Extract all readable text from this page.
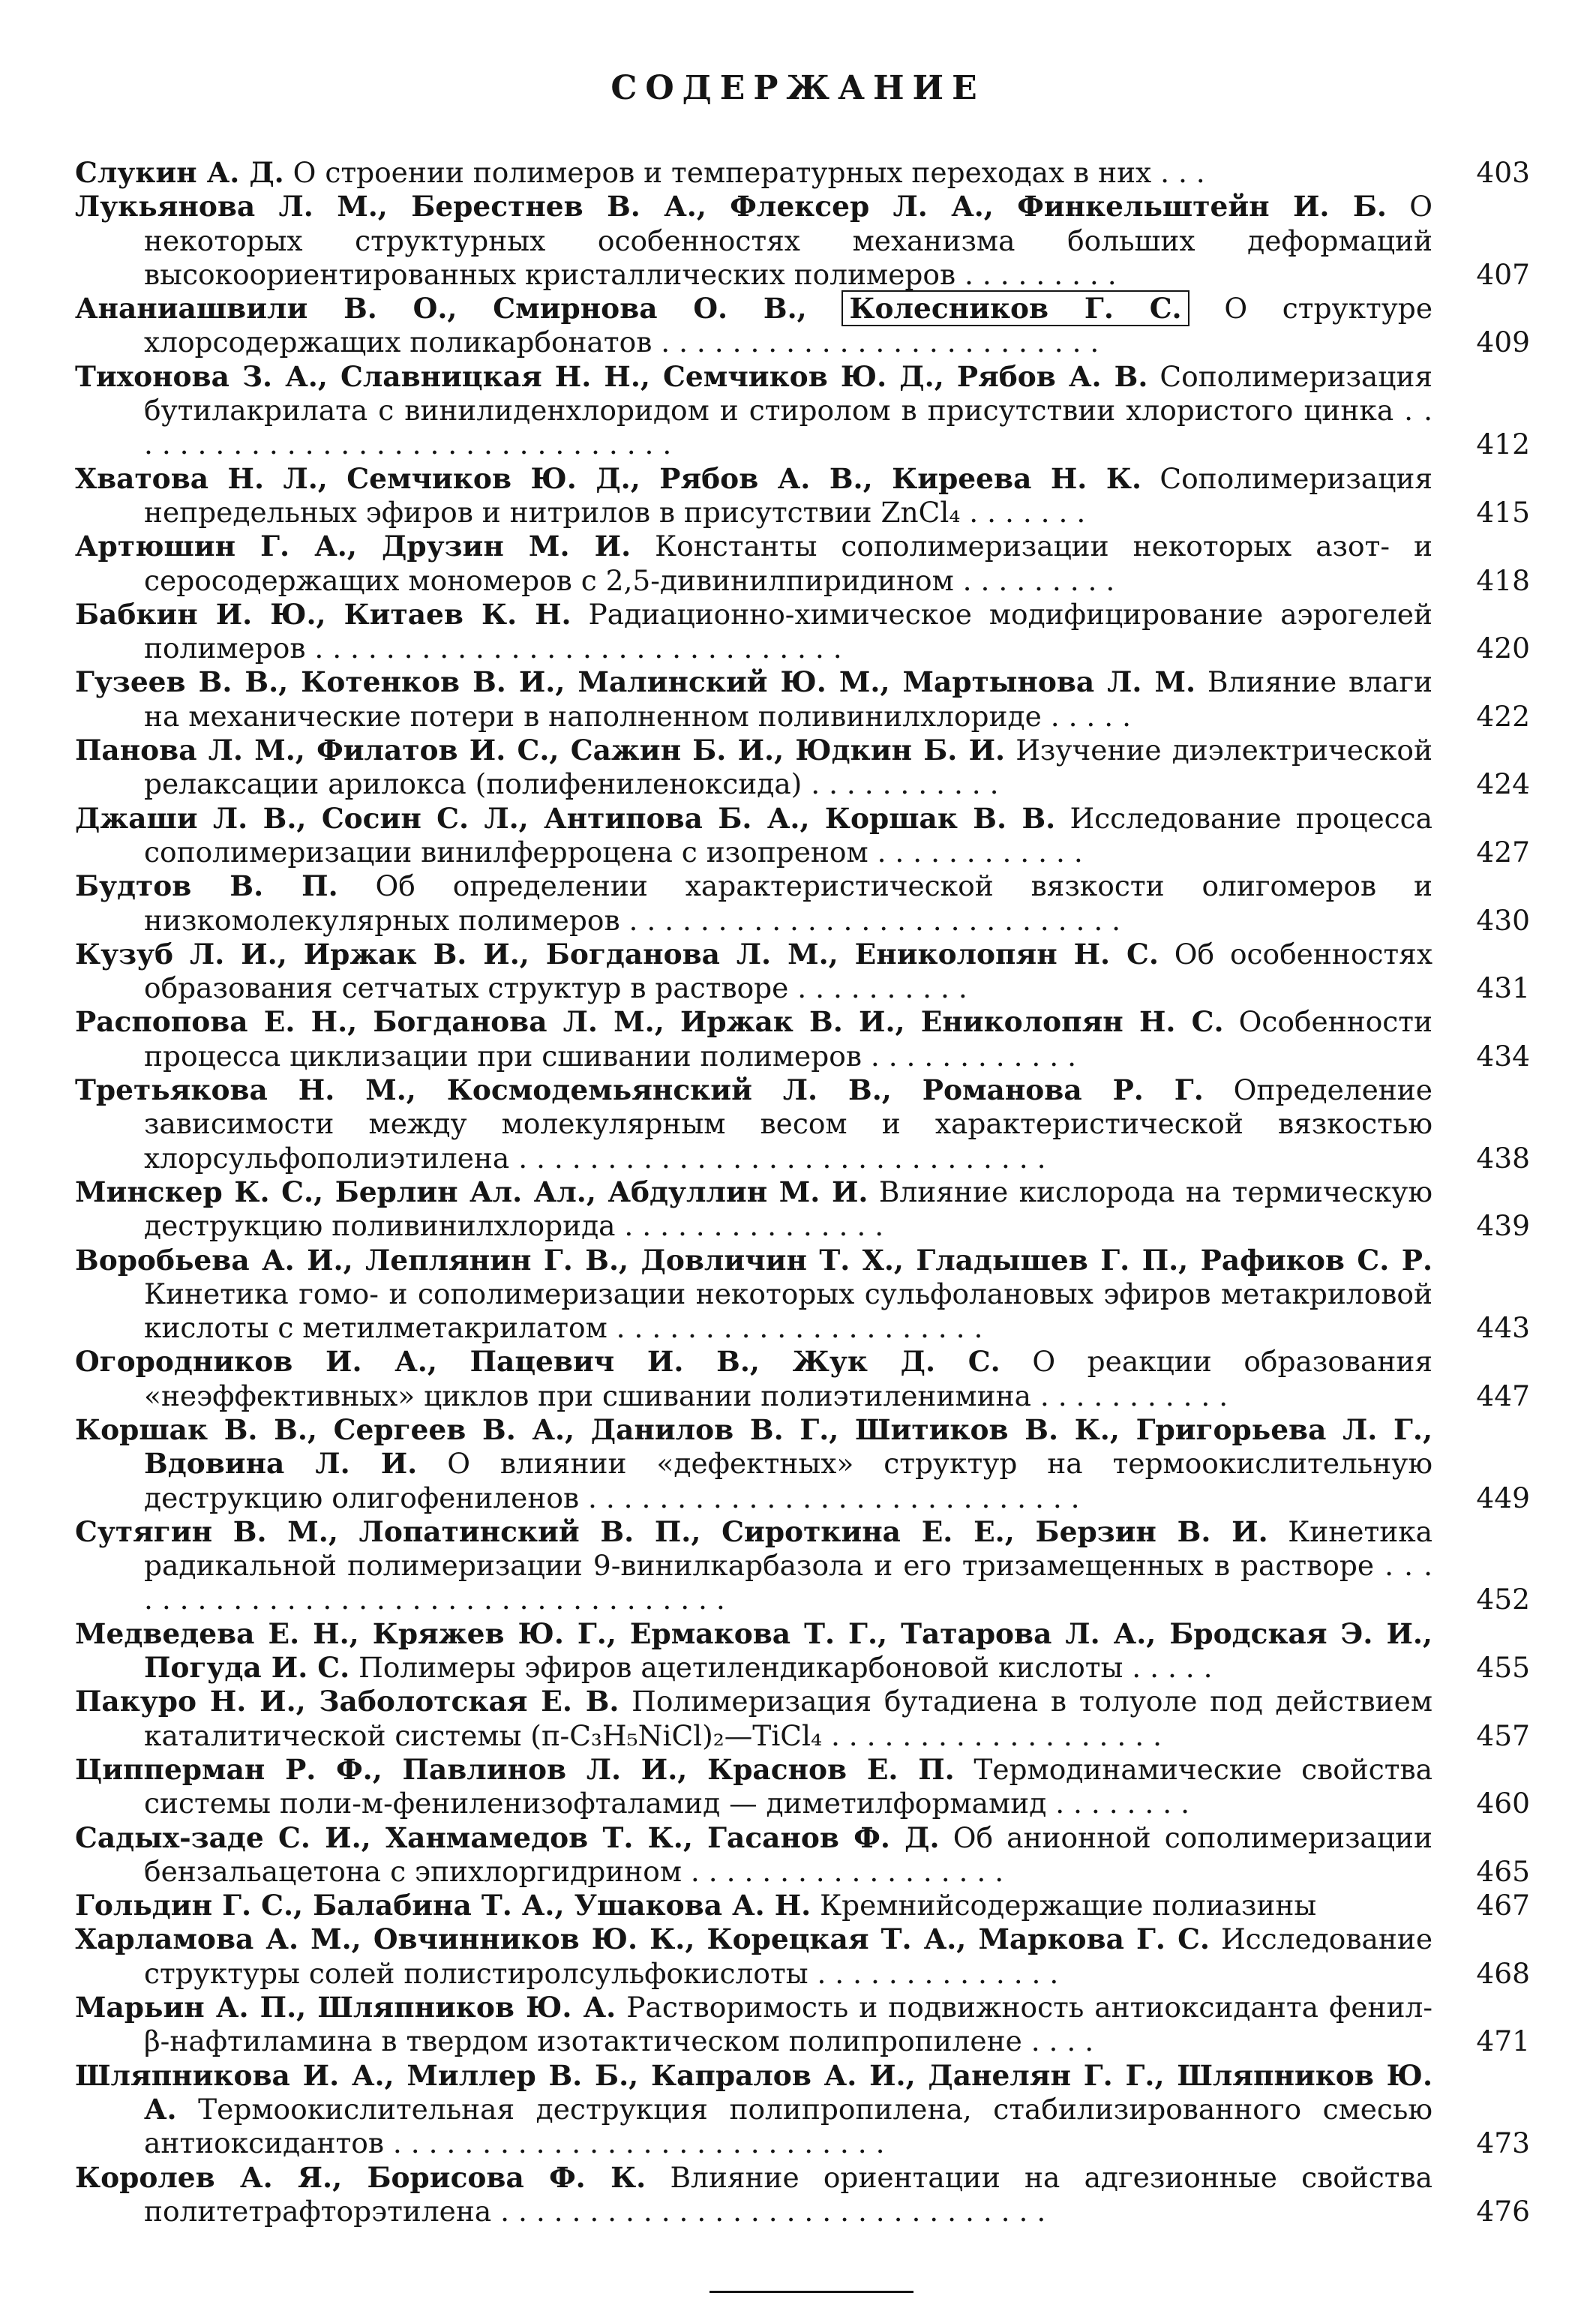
СОДЕРЖАНИЕ
Слукин А. Д. О строении полимеров и температурных переходах в них . . .	403
Лукьянова Л. М., Берестнев В. А., Флексер Л. А., Финкельштейн И. Б. О некоторых структурных особенностях механизма больших деформаций высокоориентированных кристаллических полимеров . . . . . . . . .	407
Ананиашвили В. О., Смирнова О. В., Колесников Г. С. О структуре хлорсодержащих поликарбонатов . . . . . . . . . . . . . . . . . . . . . . . . .	409
Тихонова З. А., Славницкая Н. Н., Семчиков Ю. Д., Рябов А. В. Сополимеризация бутилакрилата с винилиденхлоридом и стиролом в присутствии хлористого цинка . . . . . . . . . . . . . . . . . . . . . . . . . . . . . . . .	412
Хватова Н. Л., Семчиков Ю. Д., Рябов А. В., Киреева Н. К. Сополимеризация непредельных эфиров и нитрилов в присутствии ZnCl₄ . . . . . . .	415
Артюшин Г. А., Друзин М. И. Константы сополимеризации некоторых азот- и серосодержащих мономеров с 2,5-дивинилпиридином . . . . . . . . .	418
Бабкин И. Ю., Китаев К. Н. Радиационно-химическое модифицирование аэрогелей полимеров . . . . . . . . . . . . . . . . . . . . . . . . . . . . . .	420
Гузеев В. В., Котенков В. И., Малинский Ю. М., Мартынова Л. М. Влияние влаги на механические потери в наполненном поливинилхлориде . . . . .	422
Панова Л. М., Филатов И. С., Сажин Б. И., Юдкин Б. И. Изучение диэлектрической релаксации арилокса (полифениленоксида) . . . . . . . . . . .	424
Джаши Л. В., Сосин С. Л., Антипова Б. А., Коршак В. В. Исследование процесса сополимеризации винилферроцена с изопреном . . . . . . . . . . . .	427
Будтов В. П. Об определении характеристической вязкости олигомеров и низкомолекулярных полимеров . . . . . . . . . . . . . . . . . . . . . . . . . . . .	430
Кузуб Л. И., Иржак В. И., Богданова Л. М., Ениколопян Н. С. Об особенностях образования сетчатых структур в растворе . . . . . . . . . .	431
Распопова Е. Н., Богданова Л. М., Иржак В. И., Ениколопян Н. С. Особенности процесса циклизации при сшивании полимеров . . . . . . . . . . . .	434
Третьякова Н. М., Космодемьянский Л. В., Романова Р. Г. Определение зависимости между молекулярным весом и характеристической вязкостью хлорсульфополиэтилена . . . . . . . . . . . . . . . . . . . . . . . . . . . . . .	438
Минскер К. С., Берлин Ал. Ал., Абдуллин М. И. Влияние кислорода на термическую деструкцию поливинилхлорида . . . . . . . . . . . . . . .	439
Воробьева А. И., Леплянин Г. В., Довличин Т. Х., Гладышев Г. П., Рафиков С. Р. Кинетика гомо- и сополимеризации некоторых сульфолановых эфиров метакриловой кислоты с метилметакрилатом . . . . . . . . . . . . . . . . . . . . .	443
Огородников И. А., Пацевич И. В., Жук Д. С. О реакции образования «неэффективных» циклов при сшивании полиэтиленимина . . . . . . . . . . .	447
Коршак В. В., Сергеев В. А., Данилов В. Г., Шитиков В. К., Григорьева Л. Г., Вдовина Л. И. О влиянии «дефектных» структур на термоокислительную деструкцию олигофениленов . . . . . . . . . . . . . . . . . . . . . . . . . . . .	449
Сутягин В. М., Лопатинский В. П., Сироткина Е. Е., Берзин В. И. Кинетика радикальной полимеризации 9-винилкарбазола и его тризамещенных в растворе . . . . . . . . . . . . . . . . . . . . . . . . . . . . . . . . . . . .	452
Медведева Е. Н., Кряжев Ю. Г., Ермакова Т. Г., Татарова Л. А., Бродская Э. И., Погуда И. С. Полимеры эфиров ацетилендикарбоновой кислоты . . . . .	455
Пакуро Н. И., Заболотская Е. В. Полимеризация бутадиена в толуоле под действием каталитической системы (π-C₃H₅NiCl)₂—TiCl₄ . . . . . . . . . . . . . . . . . . .	457
Ципперман Р. Ф., Павлинов Л. И., Краснов Е. П. Термодинамические свойства системы поли-м-фениленизофталамид — диметилформамид . . . . . . . .	460
Садых-заде С. И., Ханмамедов Т. К., Гасанов Ф. Д. Об анионной сополимеризации бензальацетона с эпихлоргидрином . . . . . . . . . . . . . . . . . .	465
Гольдин Г. С., Балабина Т. А., Ушакова А. Н. Кремнийсодержащие полиазины	467
Харламова А. М., Овчинников Ю. К., Корецкая Т. А., Маркова Г. С. Исследование структуры солей полистиролсульфокислоты . . . . . . . . . . . . . .	468
Марьин А. П., Шляпников Ю. А. Растворимость и подвижность антиоксиданта фенил-β-нафтиламина в твердом изотактическом полипропилене . . . .	471
Шляпникова И. А., Миллер В. Б., Капралов А. И., Данелян Г. Г., Шляпников Ю. А. Термоокислительная деструкция полипропилена, стабилизированного смесью антиоксидантов . . . . . . . . . . . . . . . . . . . . . . . . . . . .	473
Королев А. Я., Борисова Ф. К. Влияние ориентации на адгезионные свойства политетрафторэтилена . . . . . . . . . . . . . . . . . . . . . . . . . . . . . . .	476
